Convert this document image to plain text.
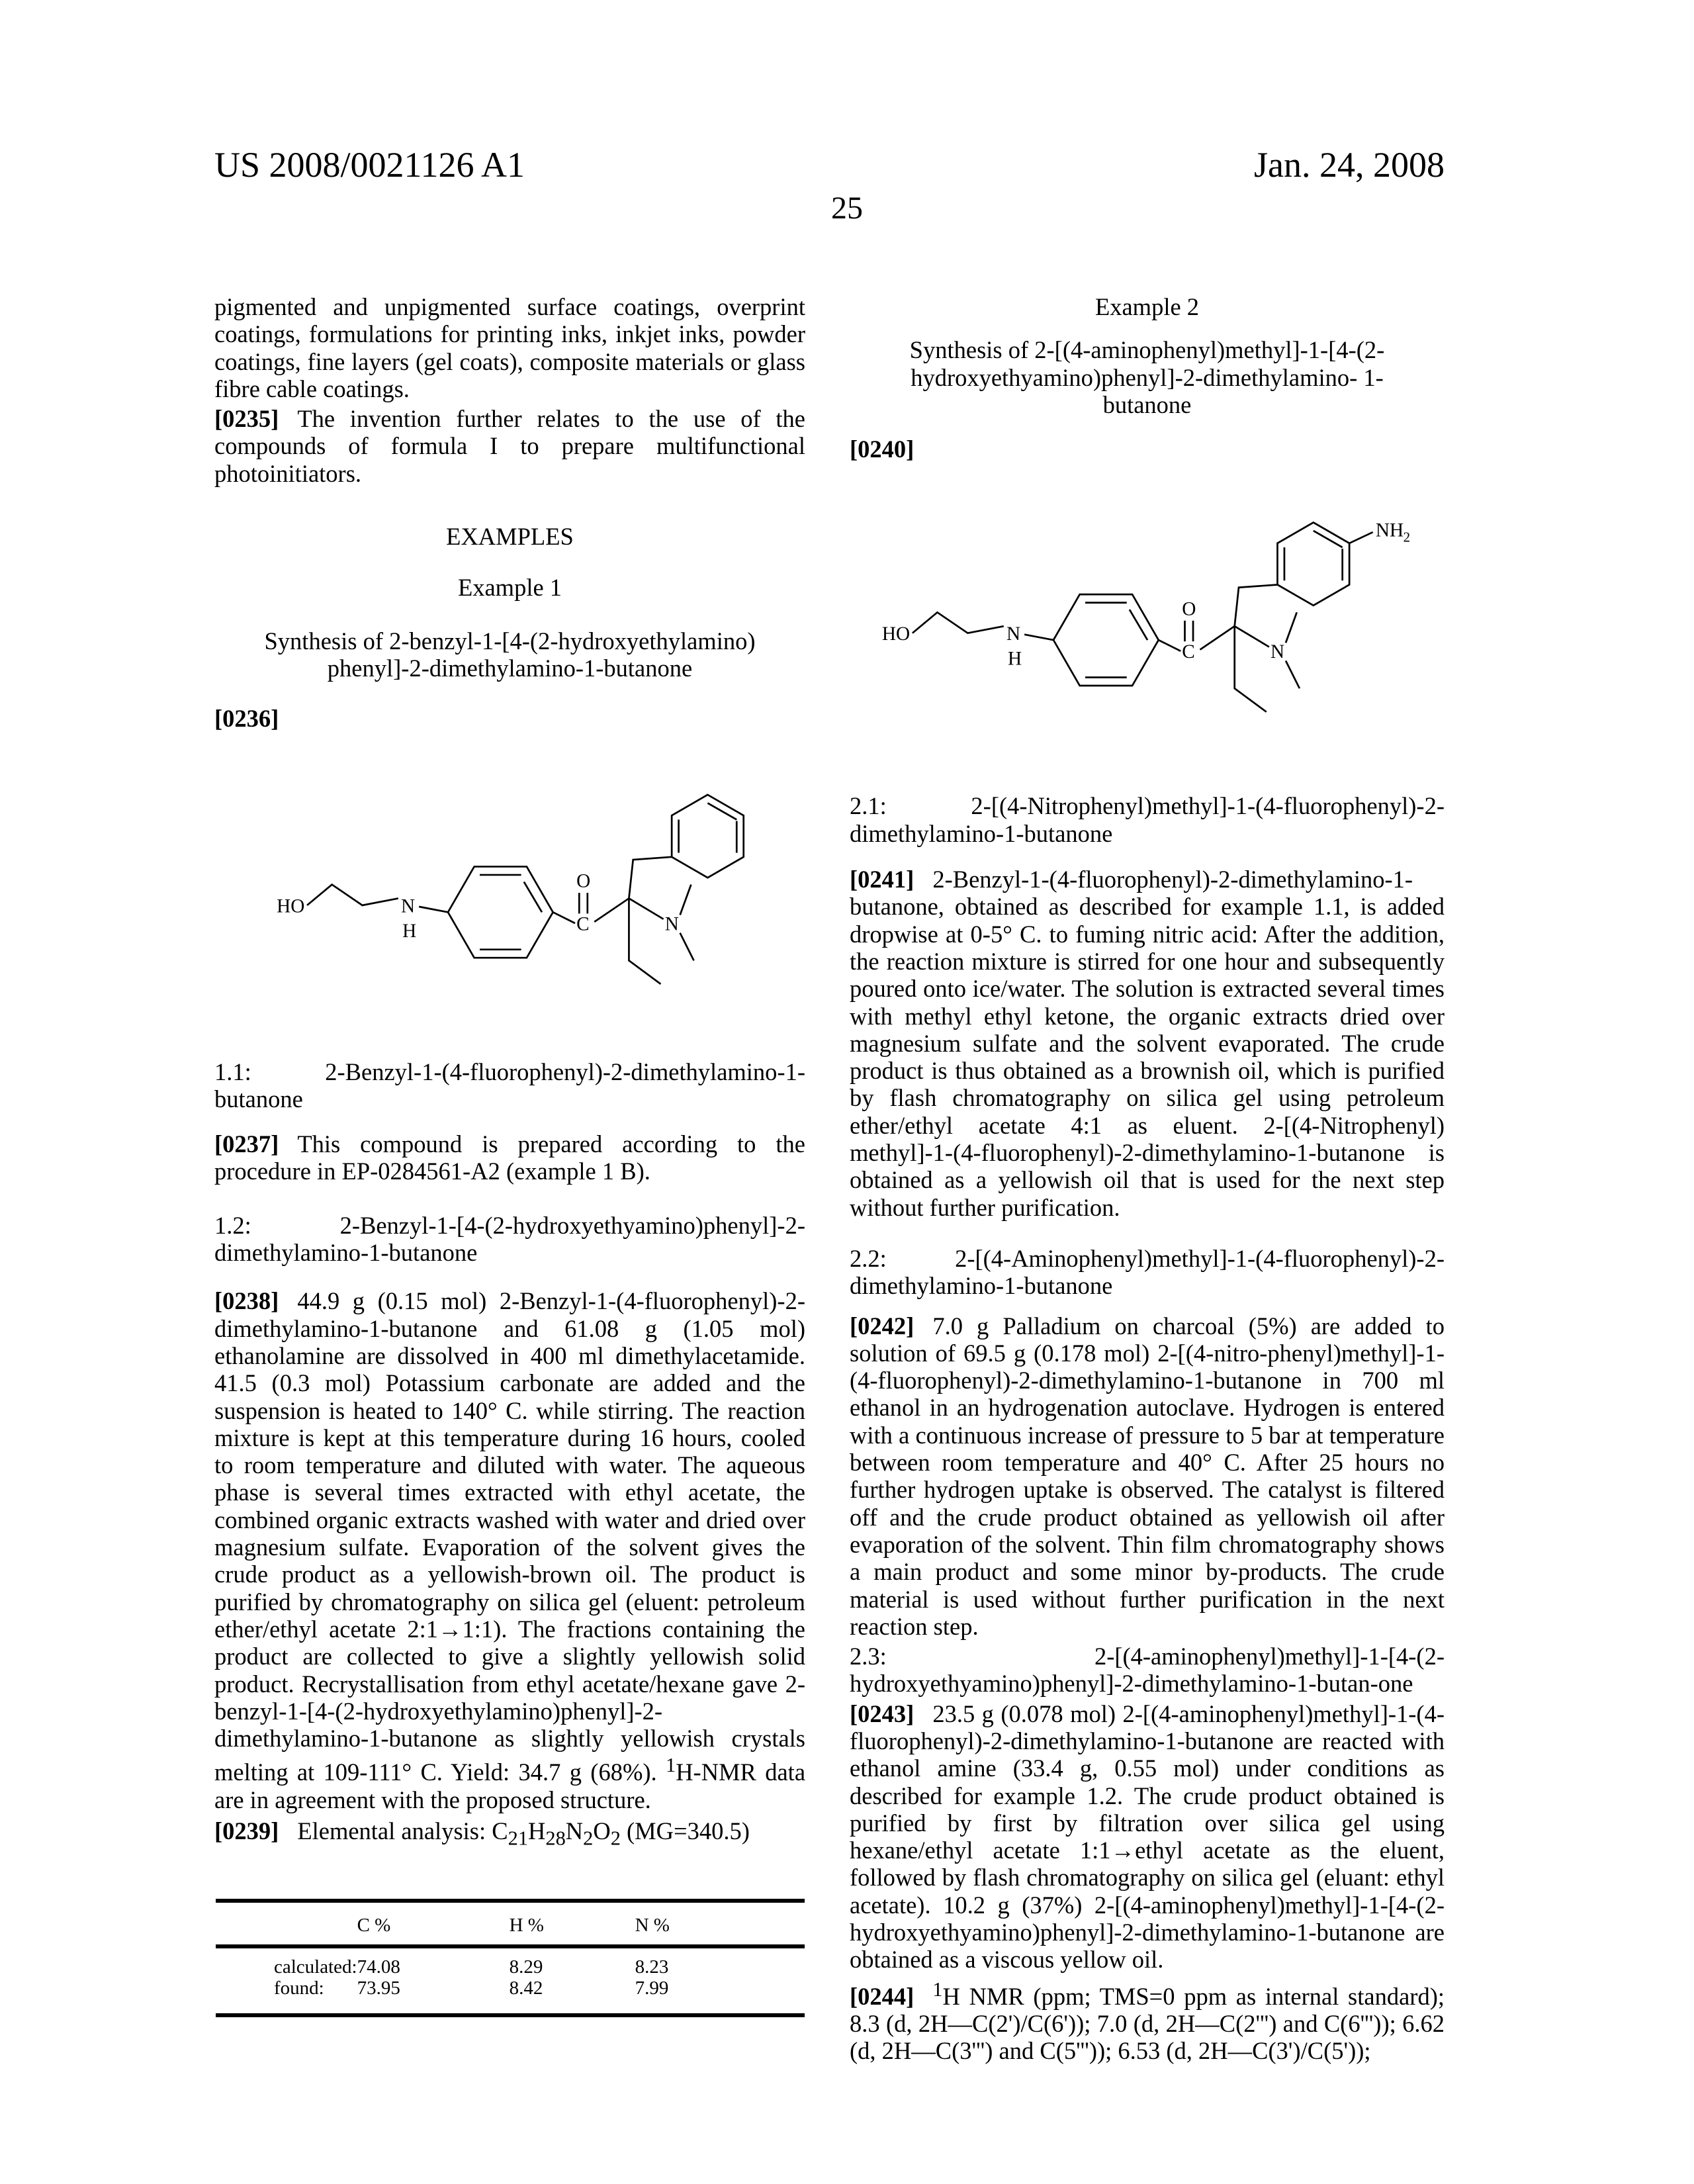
US 2008/0021126 A1	Jan. 24, 2008
25

pigmented and unpigmented surface coatings, overprint coatings, formulations for printing inks, inkjet inks, powder coatings, fine layers (gel coats), composite materials or glass fibre cable coatings.

[0235] The invention further relates to the use of the compounds of formula I to prepare multifunctional photoinitiators.

EXAMPLES
Example 1
Synthesis of 2-benzyl-1-[4-(2-hydroxyethylamino) phenyl]-2-dimethylamino-1-butanone
[0236]
HO	N
H	C
O
N
1.1: 2-Benzyl-1-(4-fluorophenyl)-2-dimethylamino-1-butanone

[0237] This compound is prepared according to the procedure in EP-0284561-A2 (example 1 B).

1.2: 2-Benzyl-1-[4-(2-hydroxyethyamino)phenyl]-2-dimethylamino-1-butanone

[0238] 44.9 g (0.15 mol) 2-Benzyl-1-(4-fluorophenyl)-2-dimethylamino-1-butanone and 61.08 g (1.05 mol) ethanolamine are dissolved in 400 ml dimethylacetamide. 41.5 (0.3 mol) Potassium carbonate are added and the suspension is heated to 140° C. while stirring. The reaction mixture is kept at this temperature during 16 hours, cooled to room temperature and diluted with water. The aqueous phase is several times extracted with ethyl acetate, the combined organic extracts washed with water and dried over magnesium sulfate. Evaporation of the solvent gives the crude product as a yellowish-brown oil. The product is purified by chromatography on silica gel (eluent: petroleum ether/ethyl acetate 2:1→1:1). The fractions containing the product are collected to give a slightly yellowish solid product. Recrystallisation from ethyl acetate/hexane gave 2-benzyl-1-[4-(2-hydroxyethylamino)phenyl]-2-dimethylamino-1-butanone as slightly yellowish crystals melting at 109-111° C. Yield: 34.7 g (68%). 1H-NMR data are in agreement with the proposed structure.

[0239] Elemental analysis: C21H28N2O2 (MG=340.5)

	C %	H %	N %
calculated:	74.08	8.29	8.23
found:	73.95	8.42	7.99

Example 2
Synthesis of 2-[(4-aminophenyl)methyl]-1-[4-(2-hydroxyethyamino)phenyl]-2-dimethylamino- 1-butanone
[0240]
HO	N
H	C
O
N
NH 2
2.1: 2-[(4-Nitrophenyl)methyl]-1-(4-fluorophenyl)-2-dimethylamino-1-butanone

[0241] 2-Benzyl-1-(4-fluorophenyl)-2-dimethylamino-1-butanone, obtained as described for example 1.1, is added dropwise at 0-5° C. to fuming nitric acid: After the addition, the reaction mixture is stirred for one hour and subsequently poured onto ice/water. The solution is extracted several times with methyl ethyl ketone, the organic extracts dried over magnesium sulfate and the solvent evaporated. The crude product is thus obtained as a brownish oil, which is purified by flash chromatography on silica gel using petroleum ether/ethyl acetate 4:1 as eluent. 2-[(4-Nitrophenyl) methyl]-1-(4-fluorophenyl)-2-dimethylamino-1-butanone is obtained as a yellowish oil that is used for the next step without further purification.

2.2: 2-[(4-Aminophenyl)methyl]-1-(4-fluorophenyl)-2-dimethylamino-1-butanone

[0242] 7.0 g Palladium on charcoal (5%) are added to solution of 69.5 g (0.178 mol) 2-[(4-nitro-phenyl)methyl]-1-(4-fluorophenyl)-2-dimethylamino-1-butanone in 700 ml ethanol in an hydrogenation autoclave. Hydrogen is entered with a continuous increase of pressure to 5 bar at temperature between room temperature and 40° C. After 25 hours no further hydrogen uptake is observed. The catalyst is filtered off and the crude product obtained as yellowish oil after evaporation of the solvent. Thin film chromatography shows a main product and some minor by-products. The crude material is used without further purification in the next reaction step.

2.3:        2-[(4-aminophenyl)methyl]-1-[4-(2-hydroxyethyamino)phenyl]-2-dimethylamino-1-butan-one

[0243] 23.5 g (0.078 mol) 2-[(4-aminophenyl)methyl]-1-(4-fluorophenyl)-2-dimethylamino-1-butanone are reacted with ethanol amine (33.4 g, 0.55 mol) under conditions as described for example 1.2. The crude product obtained is purified by first by filtration over silica gel using hexane/ethyl acetate 1:1→ethyl acetate as the eluent, followed by flash chromatography on silica gel (eluant: ethyl acetate). 10.2 g (37%) 2-[(4-aminophenyl)methyl]-1-[4-(2-hydroxyethyamino)phenyl]-2-dimethylamino-1-butanone are obtained as a viscous yellow oil.

[0244] 1H NMR (ppm; TMS=0 ppm as internal standard); 8.3 (d, 2H—C(2')/C(6')); 7.0 (d, 2H—C(2''') and C(6''')); 6.62 (d, 2H—C(3''') and C(5''')); 6.53 (d, 2H—C(3')/C(5'));
